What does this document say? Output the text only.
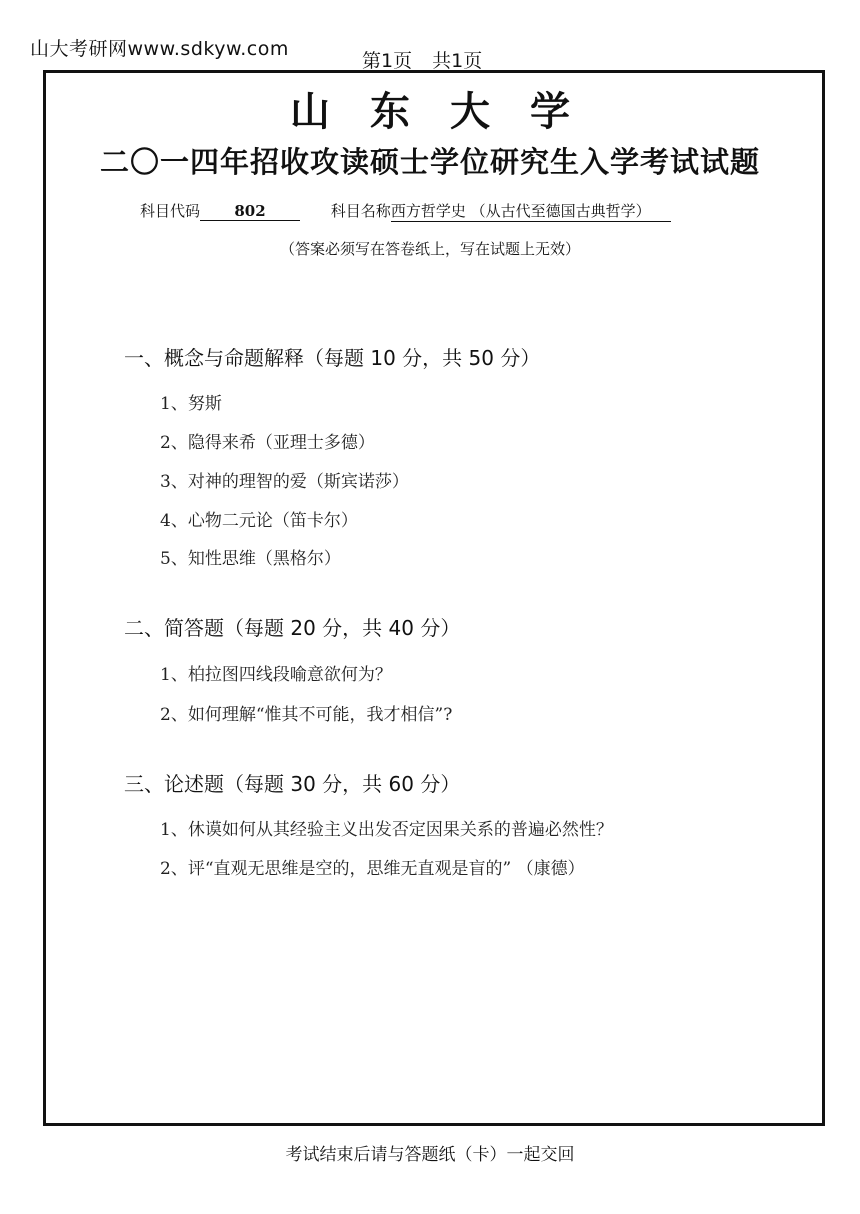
山大考研网www.sdkyw.com
第1页 共1页
山东大学
二〇一四年招收攻读硕士学位研究生入学考试试题
科目代码 802	科目名称西方哲学史 （从古代至德国古典哲学）
（答案必须写在答卷纸上，写在试题上无效）
一、概念与命题解释（每题 10 分，共 50 分）
1、努斯
2、隐得来希（亚理士多德）
3、对神的理智的爱（斯宾诺莎）
4、心物二元论（笛卡尔）
5、知性思维（黑格尔）
二、简答题（每题 20 分，共 40 分）
1、柏拉图四线段喻意欲何为？
2、如何理解“惟其不可能，我才相信”?
三、论述题（每题 30 分，共 60 分）
1、休谟如何从其经验主义出发否定因果关系的普遍必然性？
2、评“直观无思维是空的，思维无直观是盲的” （康德）
考试结束后请与答题纸（卡）一起交回
